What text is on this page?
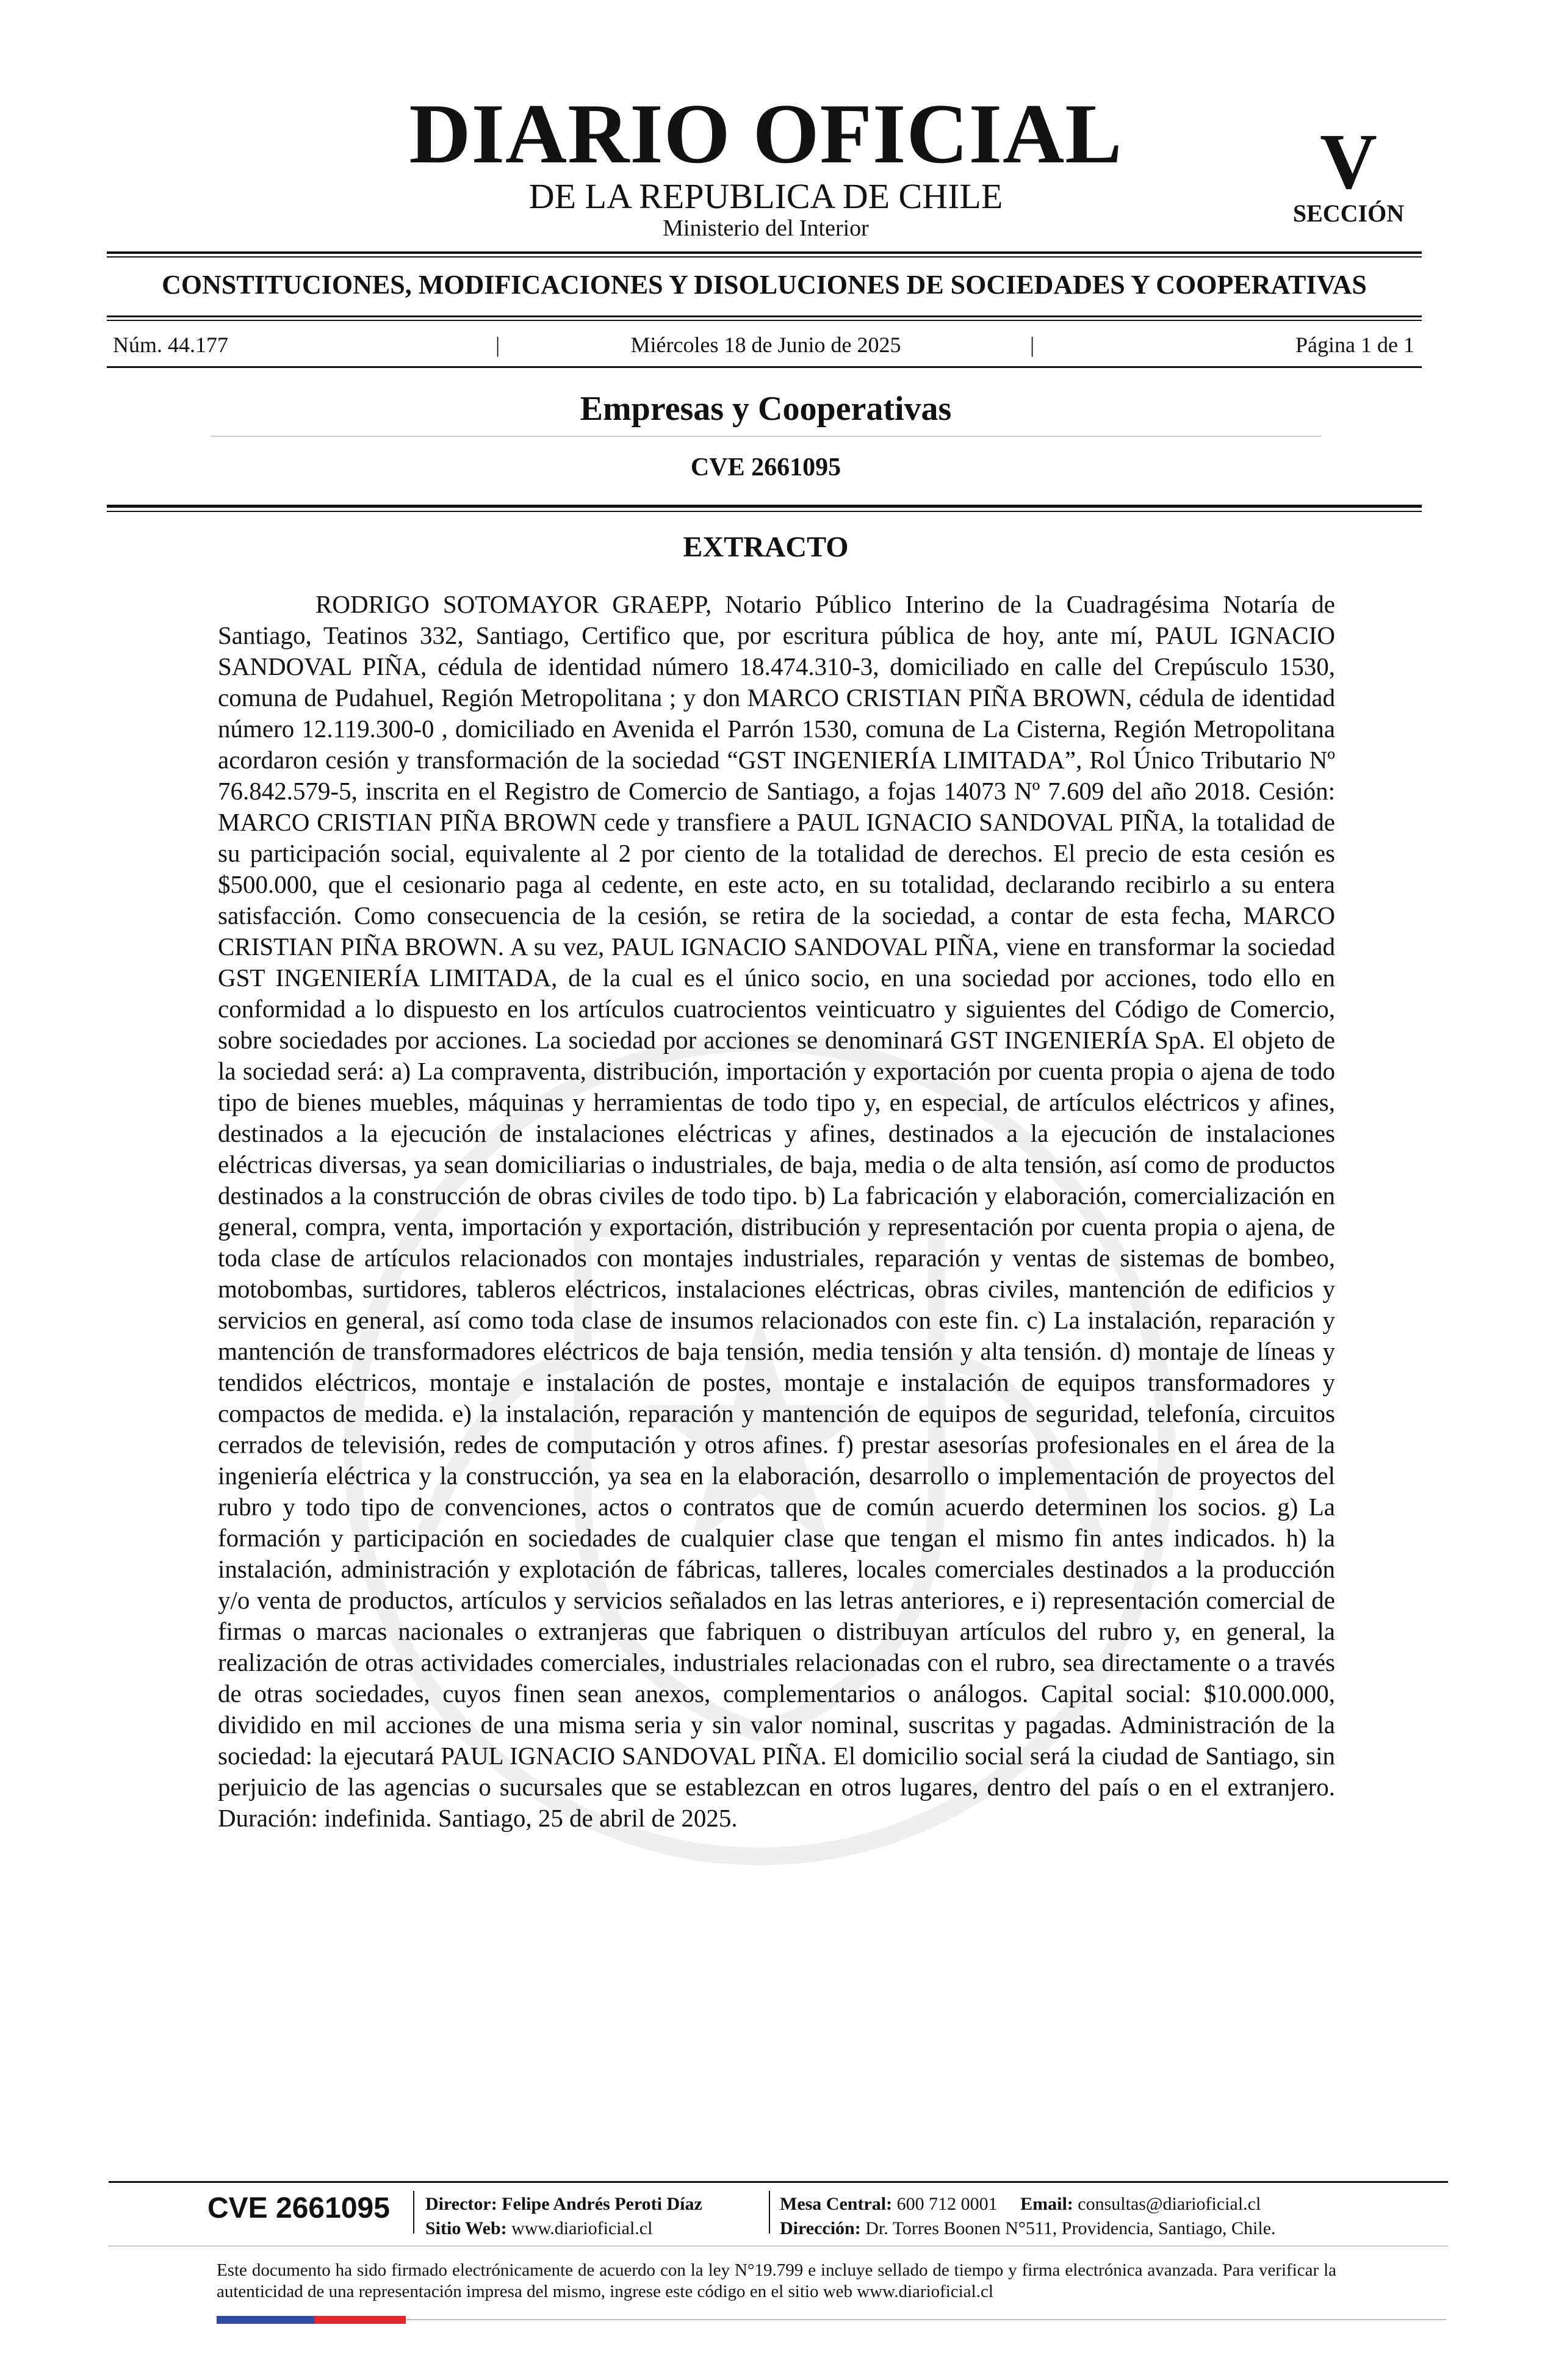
DIARIO OFICIAL
DE LA REPUBLICA DE CHILE
Ministerio del Interior
V
SECCIÓN
CONSTITUCIONES, MODIFICACIONES Y DISOLUCIONES DE SOCIEDADES Y COOPERATIVAS
Núm. 44.177	|	Miércoles 18 de Junio de 2025	|	Página 1 de 1
Empresas y Cooperativas
CVE 2661095
EXTRACTO
RODRIGO SOTOMAYOR GRAEPP, Notario Público Interino de la Cuadragésima Notaría de Santiago, Teatinos 332, Santiago, Certifico que, por escritura pública de hoy, ante mí, PAUL IGNACIO SANDOVAL PIÑA, cédula de identidad número 18.474.310-3, domiciliado en calle del Crepúsculo 1530, comuna de Pudahuel, Región Metropolitana ; y don MARCO CRISTIAN PIÑA BROWN, cédula de identidad número 12.119.300-0 , domiciliado en Avenida el Parrón 1530, comuna de La Cisterna, Región Metropolitana acordaron cesión y transformación de la sociedad “GST INGENIERÍA LIMITADA”, Rol Único Tributario Nº 76.842.579-5, inscrita en el Registro de Comercio de Santiago, a fojas 14073 Nº 7.609 del año 2018. Cesión: MARCO CRISTIAN PIÑA BROWN cede y transfiere a PAUL IGNACIO SANDOVAL PIÑA, la totalidad de su participación social, equivalente al 2 por ciento de la totalidad de derechos. El precio de esta cesión es $500.000, que el cesionario paga al cedente, en este acto, en su totalidad, declarando recibirlo a su entera satisfacción. Como consecuencia de la cesión, se retira de la sociedad, a contar de esta fecha, MARCO CRISTIAN PIÑA BROWN. A su vez, PAUL IGNACIO SANDOVAL PIÑA, viene en transformar la sociedad GST INGENIERÍA LIMITADA, de la cual es el único socio, en una sociedad por acciones, todo ello en conformidad a lo dispuesto en los artículos cuatrocientos veinticuatro y siguientes del Código de Comercio, sobre sociedades por acciones. La sociedad por acciones se denominará GST INGENIERÍA SpA. El objeto de la sociedad será: a) La compraventa, distribución, importación y exportación por cuenta propia o ajena de todo tipo de bienes muebles, máquinas y herramientas de todo tipo y, en especial, de artículos eléctricos y afines, destinados a la ejecución de instalaciones eléctricas y afines, destinados a la ejecución de instalaciones eléctricas diversas, ya sean domiciliarias o industriales, de baja, media o de alta tensión, así como de productos destinados a la construcción de obras civiles de todo tipo. b) La fabricación y elaboración, comercialización en general, compra, venta, importación y exportación, distribución y representación por cuenta propia o ajena, de toda clase de artículos relacionados con montajes industriales, reparación y ventas de sistemas de bombeo, motobombas, surtidores, tableros eléctricos, instalaciones eléctricas, obras civiles, mantención de edificios y servicios en general, así como toda clase de insumos relacionados con este fin. c) La instalación, reparación y mantención de transformadores eléctricos de baja tensión, media tensión y alta tensión. d) montaje de líneas y tendidos eléctricos, montaje e instalación de postes, montaje e instalación de equipos transformadores y compactos de medida. e) la instalación, reparación y mantención de equipos de seguridad, telefonía, circuitos cerrados de televisión, redes de computación y otros afines. f) prestar asesorías profesionales en el área de la ingeniería eléctrica y la construcción, ya sea en la elaboración, desarrollo o implementación de proyectos del rubro y todo tipo de convenciones, actos o contratos que de común acuerdo determinen los socios. g) La formación y participación en sociedades de cualquier clase que tengan el mismo fin antes indicados. h) la instalación, administración y explotación de fábricas, talleres, locales comerciales destinados a la producción y/o venta de productos, artículos y servicios señalados en las letras anteriores, e i) representación comercial de firmas o marcas nacionales o extranjeras que fabriquen o distribuyan artículos del rubro y, en general, la realización de otras actividades comerciales, industriales relacionadas con el rubro, sea directamente o a través de otras sociedades, cuyos finen sean anexos, complementarios o análogos. Capital social: $10.000.000, dividido en mil acciones de una misma seria y sin valor nominal, suscritas y pagadas. Administración de la sociedad: la ejecutará PAUL IGNACIO SANDOVAL PIÑA. El domicilio social será la ciudad de Santiago, sin perjuicio de las agencias o sucursales que se establezcan en otros lugares, dentro del país o en el extranjero. Duración: indefinida. Santiago, 25 de abril de 2025.
CVE 2661095	Director: Felipe Andrés Peroti Díaz
Sitio Web: www.diarioficial.cl
Mesa Central: 600 712 0001 Email: consultas@diarioficial.cl
Dirección: Dr. Torres Boonen N°511, Providencia, Santiago, Chile.
Este documento ha sido firmado electrónicamente de acuerdo con la ley N°19.799 e incluye sellado de tiempo y firma electrónica avanzada. Para verificar la autenticidad de una representación impresa del mismo, ingrese este código en el sitio web www.diarioficial.cl
